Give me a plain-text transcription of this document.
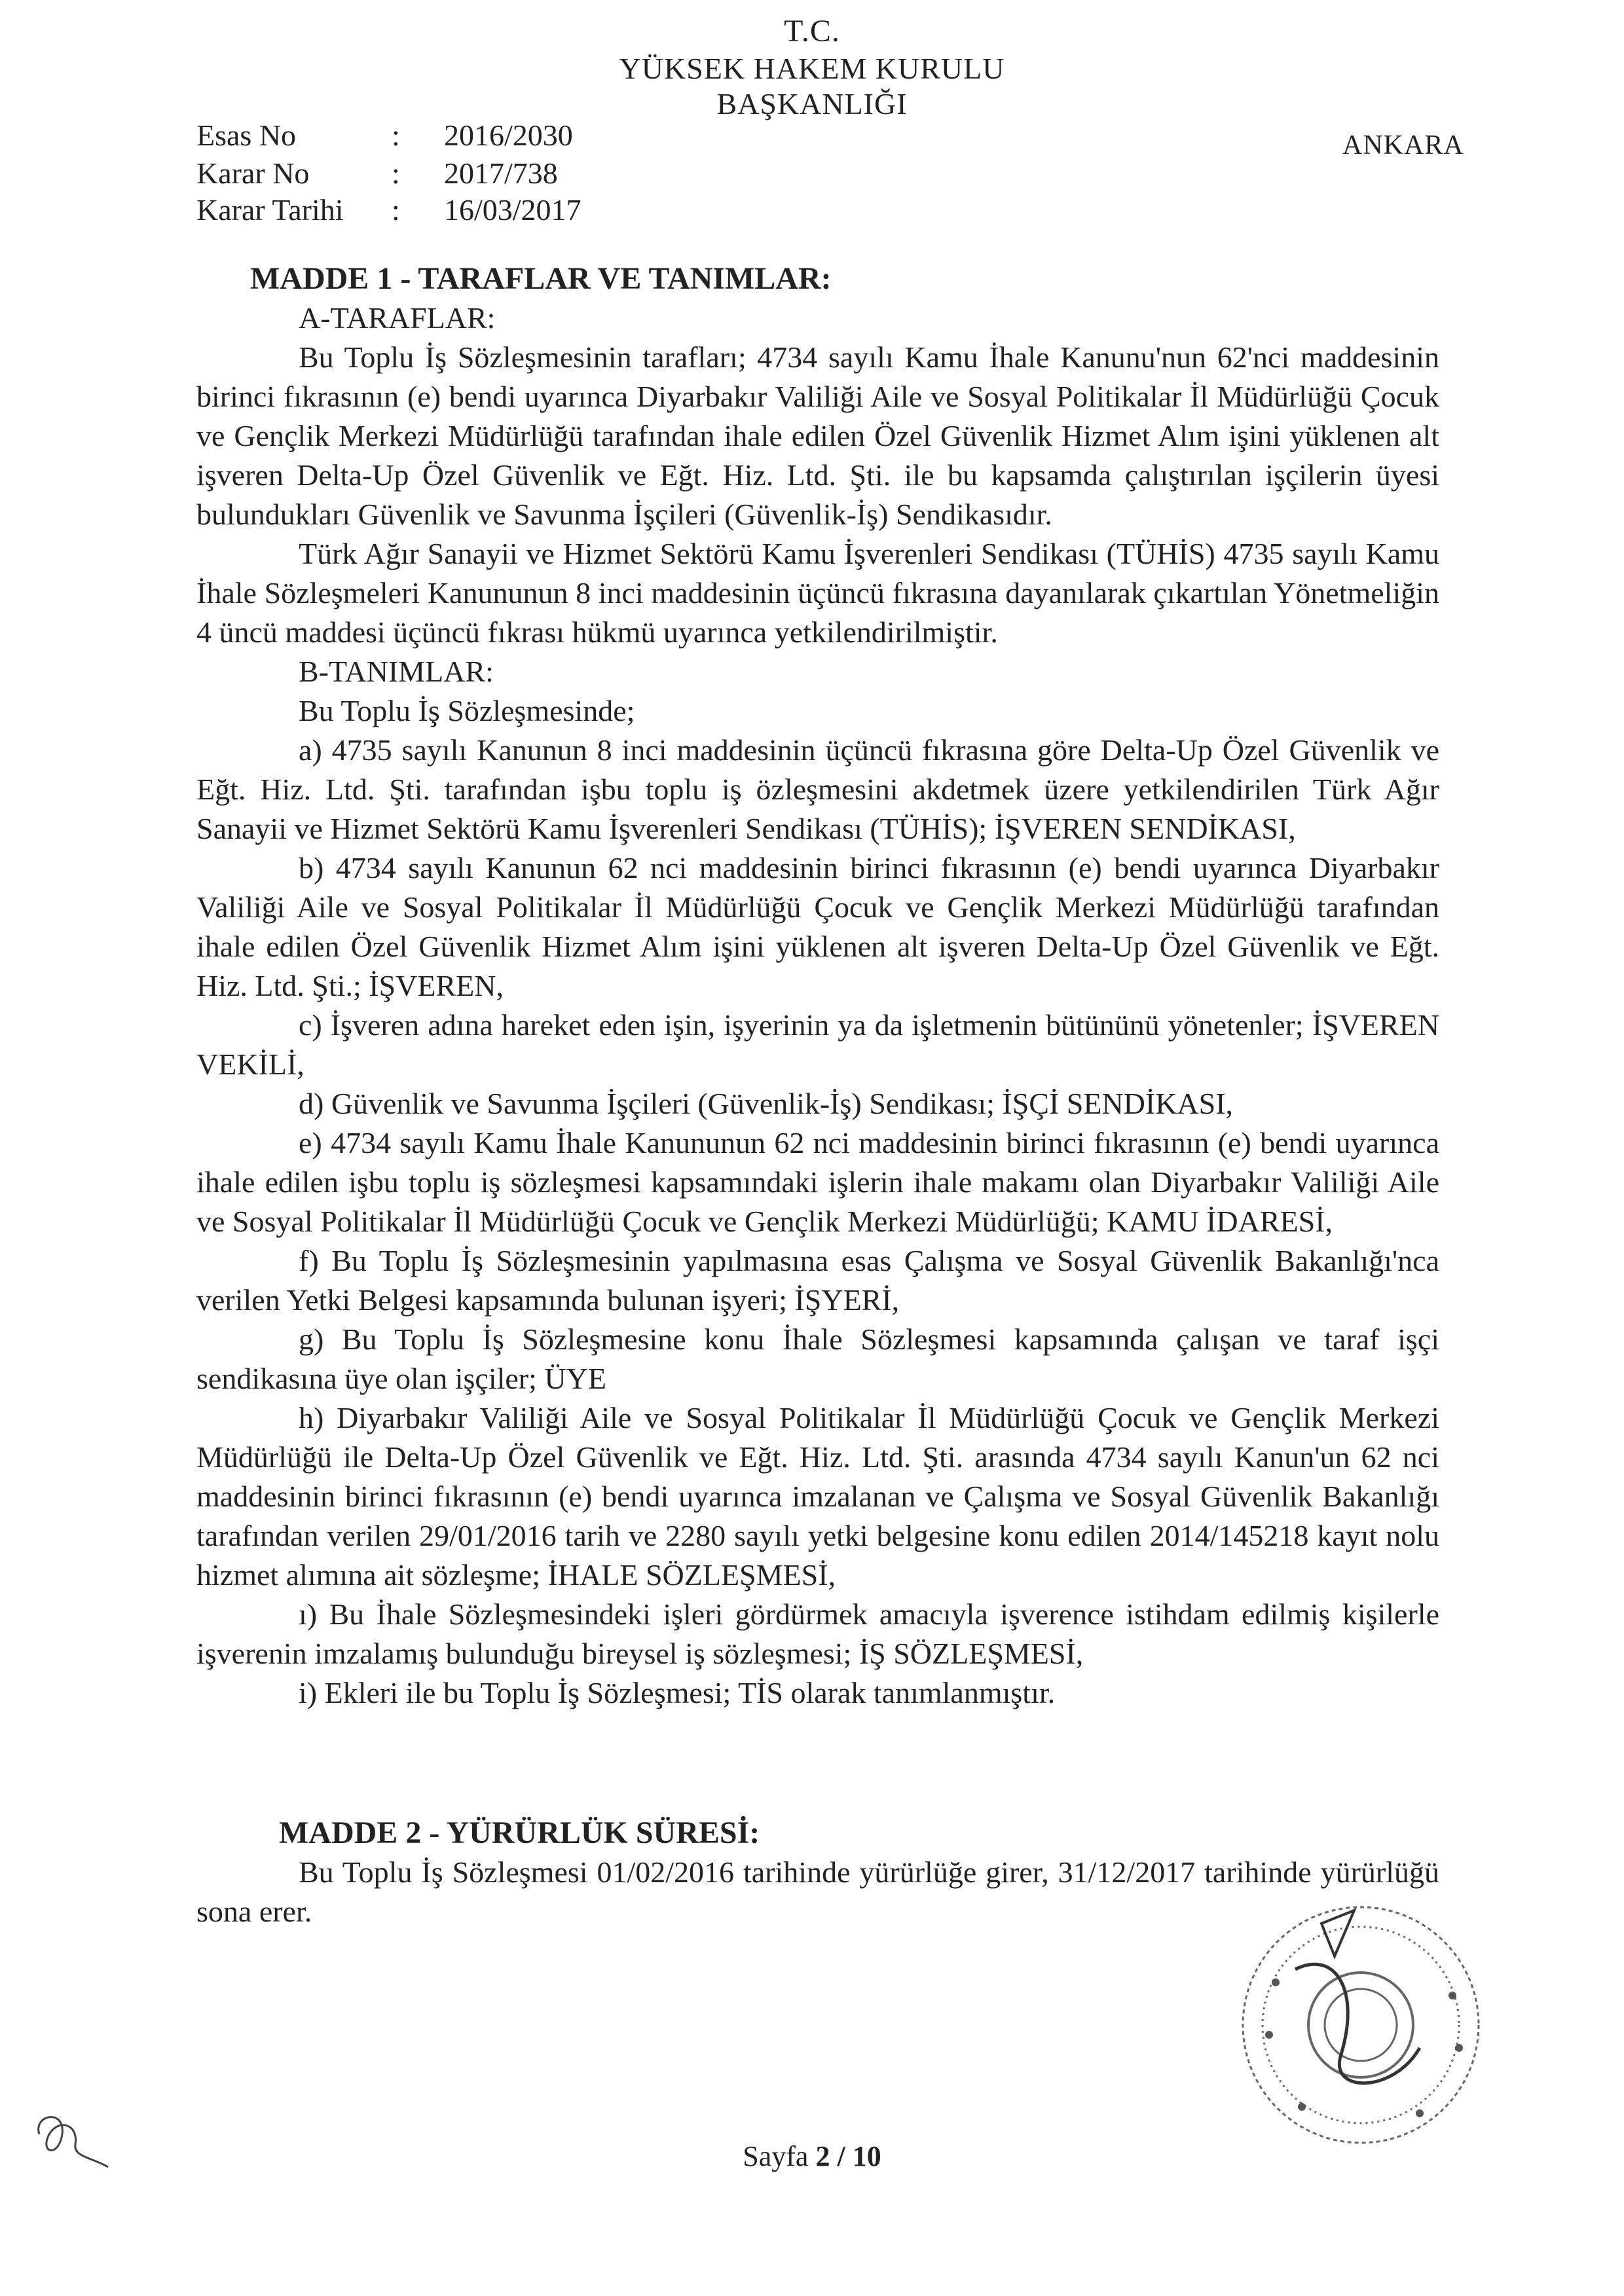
T.C.
YÜKSEK HAKEM KURULU
BAŞKANLIĞI
Esas No	: 2016/2030
Karar No	: 2017/738
Karar Tarihi : 16/03/2017
ANKARA

MADDE 1 - TARAFLAR VE TANIMLAR:

A-TARAFLAR:

Bu Toplu İş Sözleşmesinin tarafları; 4734 sayılı Kamu İhale Kanunu'nun 62'nci maddesinin birinci fıkrasının (e) bendi uyarınca Diyarbakır Valiliği Aile ve Sosyal Politikalar İl Müdürlüğü Çocuk ve Gençlik Merkezi Müdürlüğü tarafından ihale edilen Özel Güvenlik Hizmet Alım işini yüklenen alt işveren Delta-Up Özel Güvenlik ve Eğt. Hiz. Ltd. Şti. ile bu kapsamda çalıştırılan işçilerin üyesi bulundukları Güvenlik ve Savunma İşçileri (Güvenlik-İş) Sendikasıdır.

Türk Ağır Sanayii ve Hizmet Sektörü Kamu İşverenleri Sendikası (TÜHİS) 4735 sayılı Kamu İhale Sözleşmeleri Kanununun 8 inci maddesinin üçüncü fıkrasına dayanılarak çıkartılan Yönetmeliğin 4 üncü maddesi üçüncü fıkrası hükmü uyarınca yetkilendirilmiştir.

B-TANIMLAR:

Bu Toplu İş Sözleşmesinde;

a) 4735 sayılı Kanunun 8 inci maddesinin üçüncü fıkrasına göre Delta-Up Özel Güvenlik ve Eğt. Hiz. Ltd. Şti. tarafından işbu toplu iş özleşmesini akdetmek üzere yetkilendirilen Türk Ağır Sanayii ve Hizmet Sektörü Kamu İşverenleri Sendikası (TÜHİS); İŞVEREN SENDİKASI,

b) 4734 sayılı Kanunun 62 nci maddesinin birinci fıkrasının (e) bendi uyarınca Diyarbakır Valiliği Aile ve Sosyal Politikalar İl Müdürlüğü Çocuk ve Gençlik Merkezi Müdürlüğü tarafından ihale edilen Özel Güvenlik Hizmet Alım işini yüklenen alt işveren Delta-Up Özel Güvenlik ve Eğt. Hiz. Ltd. Şti.; İŞVEREN,

c) İşveren adına hareket eden işin, işyerinin ya da işletmenin bütününü yönetenler; İŞVEREN VEKİLİ,

d) Güvenlik ve Savunma İşçileri (Güvenlik-İş) Sendikası; İŞÇİ SENDİKASI,

e) 4734 sayılı Kamu İhale Kanununun 62 nci maddesinin birinci fıkrasının (e) bendi uyarınca ihale edilen işbu toplu iş sözleşmesi kapsamındaki işlerin ihale makamı olan Diyarbakır Valiliği Aile ve Sosyal Politikalar İl Müdürlüğü Çocuk ve Gençlik Merkezi Müdürlüğü; KAMU İDARESİ,

f) Bu Toplu İş Sözleşmesinin yapılmasına esas Çalışma ve Sosyal Güvenlik Bakanlığı'nca verilen Yetki Belgesi kapsamında bulunan işyeri; İŞYERİ,

g) Bu Toplu İş Sözleşmesine konu İhale Sözleşmesi kapsamında çalışan ve taraf işçi sendikasına üye olan işçiler; ÜYE

h) Diyarbakır Valiliği Aile ve Sosyal Politikalar İl Müdürlüğü Çocuk ve Gençlik Merkezi Müdürlüğü ile Delta-Up Özel Güvenlik ve Eğt. Hiz. Ltd. Şti. arasında 4734 sayılı Kanun'un 62 nci maddesinin birinci fıkrasının (e) bendi uyarınca imzalanan ve Çalışma ve Sosyal Güvenlik Bakanlığı tarafından verilen 29/01/2016 tarih ve 2280 sayılı yetki belgesine konu edilen 2014/145218 kayıt nolu hizmet alımına ait sözleşme; İHALE SÖZLEŞMESİ,

ı) Bu İhale Sözleşmesindeki işleri gördürmek amacıyla işverence istihdam edilmiş kişilerle işverenin imzalamış bulunduğu bireysel iş sözleşmesi; İŞ SÖZLEŞMESİ,

i) Ekleri ile bu Toplu İş Sözleşmesi; TİS olarak tanımlanmıştır.

MADDE 2 - YÜRÜRLÜK SÜRESİ:

Bu Toplu İş Sözleşmesi 01/02/2016 tarihinde yürürlüğe girer, 31/12/2017 tarihinde yürürlüğü sona erer.

Sayfa 2 / 10
